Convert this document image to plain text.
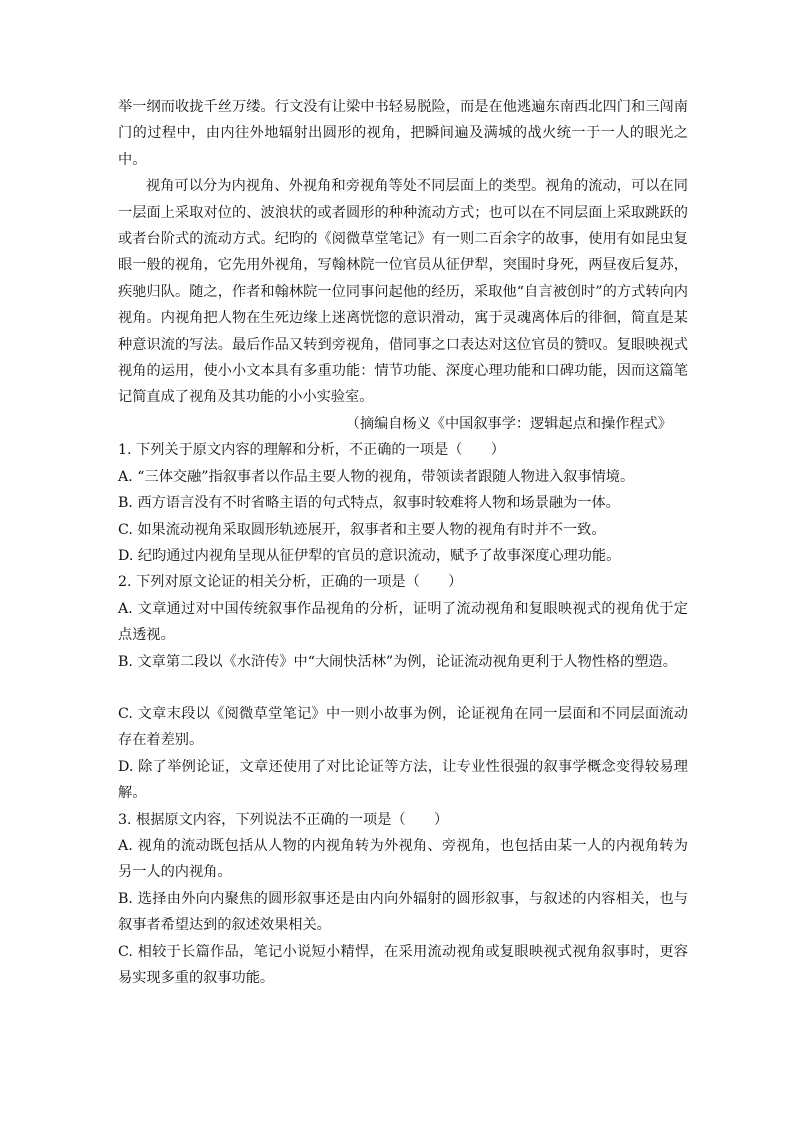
举一纲而收拢千丝万缕。行文没有让梁中书轻易脱险，而是在他逃遍东南西北四门和三闯南门的过程中，由内往外地辐射出圆形的视角，把瞬间遍及满城的战火统一于一人的眼光之中。

视角可以分为内视角、外视角和旁视角等处不同层面上的类型。视角的流动，可以在同一层面上采取对位的、波浪状的或者圆形的种种流动方式；也可以在不同层面上采取跳跃的或者台阶式的流动方式。纪昀的《阅微草堂笔记》有一则二百余字的故事，使用有如昆虫复眼一般的视角，它先用外视角，写翰林院一位官员从征伊犁，突围时身死，两昼夜后复苏，疾驰归队。随之，作者和翰林院一位同事问起他的经历，采取他“自言被创时”的方式转向内视角。内视角把人物在生死边缘上迷离恍惚的意识滑动，寓于灵魂离体后的徘徊，简直是某种意识流的写法。最后作品又转到旁视角，借同事之口表达对这位官员的赞叹。复眼映视式视角的运用，使小小文本具有多重功能：情节功能、深度心理功能和口碑功能，因而这篇笔记简直成了视角及其功能的小小实验室。

（摘编自杨义《中国叙事学：逻辑起点和操作程式》

1. 下列关于原文内容的理解和分析，不正确的一项是（　　）

A. “三体交融”指叙事者以作品主要人物的视角，带领读者跟随人物进入叙事情境。

B. 西方语言没有不时省略主语的句式特点，叙事时较难将人物和场景融为一体。

C. 如果流动视角采取圆形轨迹展开，叙事者和主要人物的视角有时并不一致。

D. 纪昀通过内视角呈现从征伊犁的官员的意识流动，赋予了故事深度心理功能。

2. 下列对原文论证的相关分析，正确的一项是（　　）

A. 文章通过对中国传统叙事作品视角的分析，证明了流动视角和复眼映视式的视角优于定点透视。

B. 文章第二段以《水浒传》中“大闹快活林”为例，论证流动视角更利于人物性格的塑造。

C. 文章末段以《阅微草堂笔记》中一则小故事为例，论证视角在同一层面和不同层面流动存在着差别。

D. 除了举例论证，文章还使用了对比论证等方法，让专业性很强的叙事学概念变得较易理解。

3. 根据原文内容，下列说法不正确的一项是（　　）

A. 视角的流动既包括从人物的内视角转为外视角、旁视角，也包括由某一人的内视角转为另一人的内视角。

B. 选择由外向内聚焦的圆形叙事还是由内向外辐射的圆形叙事，与叙述的内容相关，也与叙事者希望达到的叙述效果相关。

C. 相较于长篇作品，笔记小说短小精悍，在采用流动视角或复眼映视式视角叙事时，更容易实现多重的叙事功能。
